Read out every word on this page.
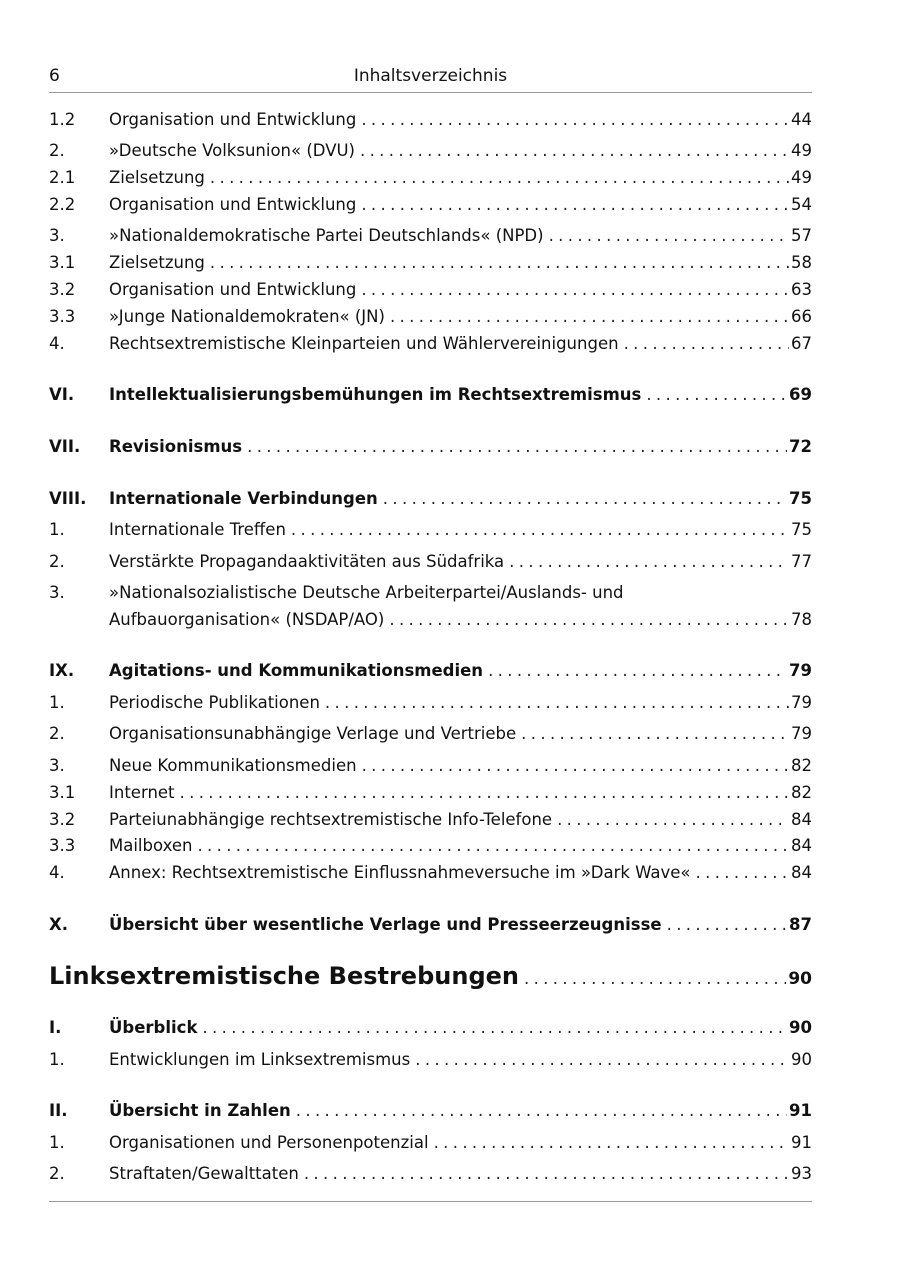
6	Inhaltsverzeichnis
1.2 Organisation und Entwicklung . . .	44
2.	»Deutsche Volksunion« (DVU) . . .	49
2.1 Zielsetzung . . .	49
2.2 Organisation und Entwicklung . . .	54
3.	»Nationaldemokratische Partei Deutschlands« (NPD) . . .	57
3.1 Zielsetzung . . .	58
3.2 Organisation und Entwicklung . . .	63
3.3 »Junge Nationaldemokraten« (JN) . . .	66
4.	Rechtsextremistische Kleinparteien und Wählervereinigungen . . .	67
VI. Intellektualisierungsbemühungen im Rechtsextremismus . . .	69
VII. Revisionismus . . .	72
VIII. Internationale Verbindungen . . .	75
1.	Internationale Treffen . . .	75
2.	Verstärkte Propagandaaktivitäten aus Südafrika . . .	77
3.	»Nationalsozialistische Deutsche Arbeiterpartei/Auslands- und
Aufbauorganisation« (NSDAP/AO) . . .	78
IX. Agitations- und Kommunikationsmedien . . .	79
1.	Periodische Publikationen . . .	79
2.	Organisationsunabhängige Verlage und Vertriebe . . .	79
3.	Neue Kommunikationsmedien . . .	82
3.1 Internet . . .	82
3.2 Parteiunabhängige rechtsextremistische Info-Telefone . . .	84
3.3 Mailboxen . . .	84
4.	Annex: Rechtsextremistische Einflussnahmeversuche im »Dark Wave« . . .	84
X. Übersicht über wesentliche Verlage und Presseerzeugnisse . . .	87
Linksextremistische Bestrebungen . . .	90
I.	Überblick . . .	90
1.	Entwicklungen im Linksextremismus . . .	90
II.	Übersicht in Zahlen . . .	91
1.	Organisationen und Personenpotenzial . . .	91
2.	Straftaten/Gewalttaten . . .	93
